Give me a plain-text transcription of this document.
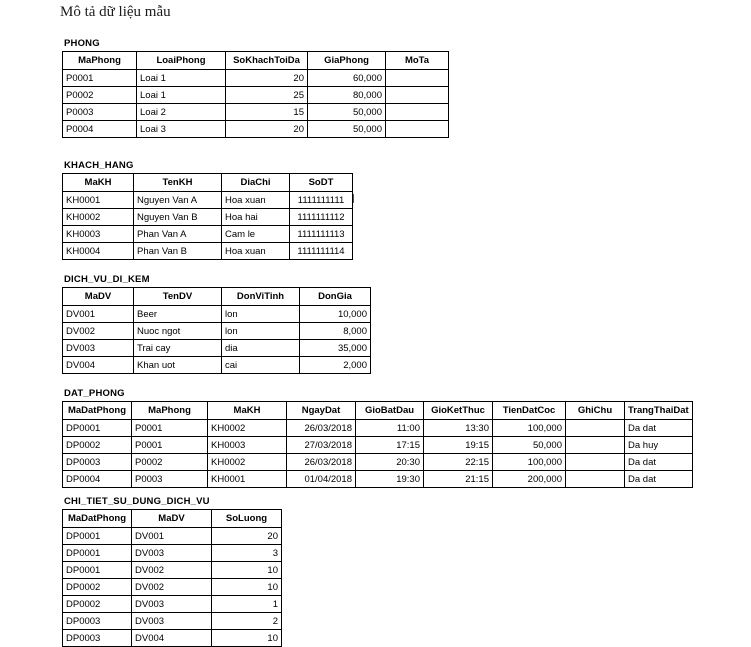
Mô tả dữ liệu mẫu
PHONG
MaPhong	LoaiPhong	SoKhachToiDa	GiaPhong	MoTa
P0001	Loai 1	20	60,000	
P0002	Loai 1	25	80,000	
P0003	Loai 2	15	50,000	
P0004	Loai 3	20	50,000	
KHACH_HANG
MaKH	TenKH	DiaChi	SoDT
KH0001	Nguyen Van A	Hoa xuan	1111111111
KH0002	Nguyen Van B	Hoa hai	1111111112
KH0003	Phan Van A	Cam le	1111111113
KH0004	Phan Van B	Hoa xuan	1111111114
DICH_VU_DI_KEM
MaDV	TenDV	DonViTinh	DonGia
DV001	Beer	lon	10,000
DV002	Nuoc ngot	lon	8,000
DV003	Trai cay	dia	35,000
DV004	Khan uot	cai	2,000
DAT_PHONG
MaDatPhong	MaPhong	MaKH	NgayDat	GioBatDau	GioKetThuc	TienDatCoc	GhiChu	TrangThaiDat
DP0001	P0001	KH0002	26/03/2018	11:00	13:30	100,000		Da dat
DP0002	P0001	KH0003	27/03/2018	17:15	19:15	50,000		Da huy
DP0003	P0002	KH0002	26/03/2018	20:30	22:15	100,000		Da dat
DP0004	P0003	KH0001	01/04/2018	19:30	21:15	200,000		Da dat
CHI_TIET_SU_DUNG_DICH_VU
MaDatPhong	MaDV	SoLuong
DP0001	DV001	20
DP0001	DV003	3
DP0001	DV002	10
DP0002	DV002	10
DP0002	DV003	1
DP0003	DV003	2
DP0003	DV004	10
